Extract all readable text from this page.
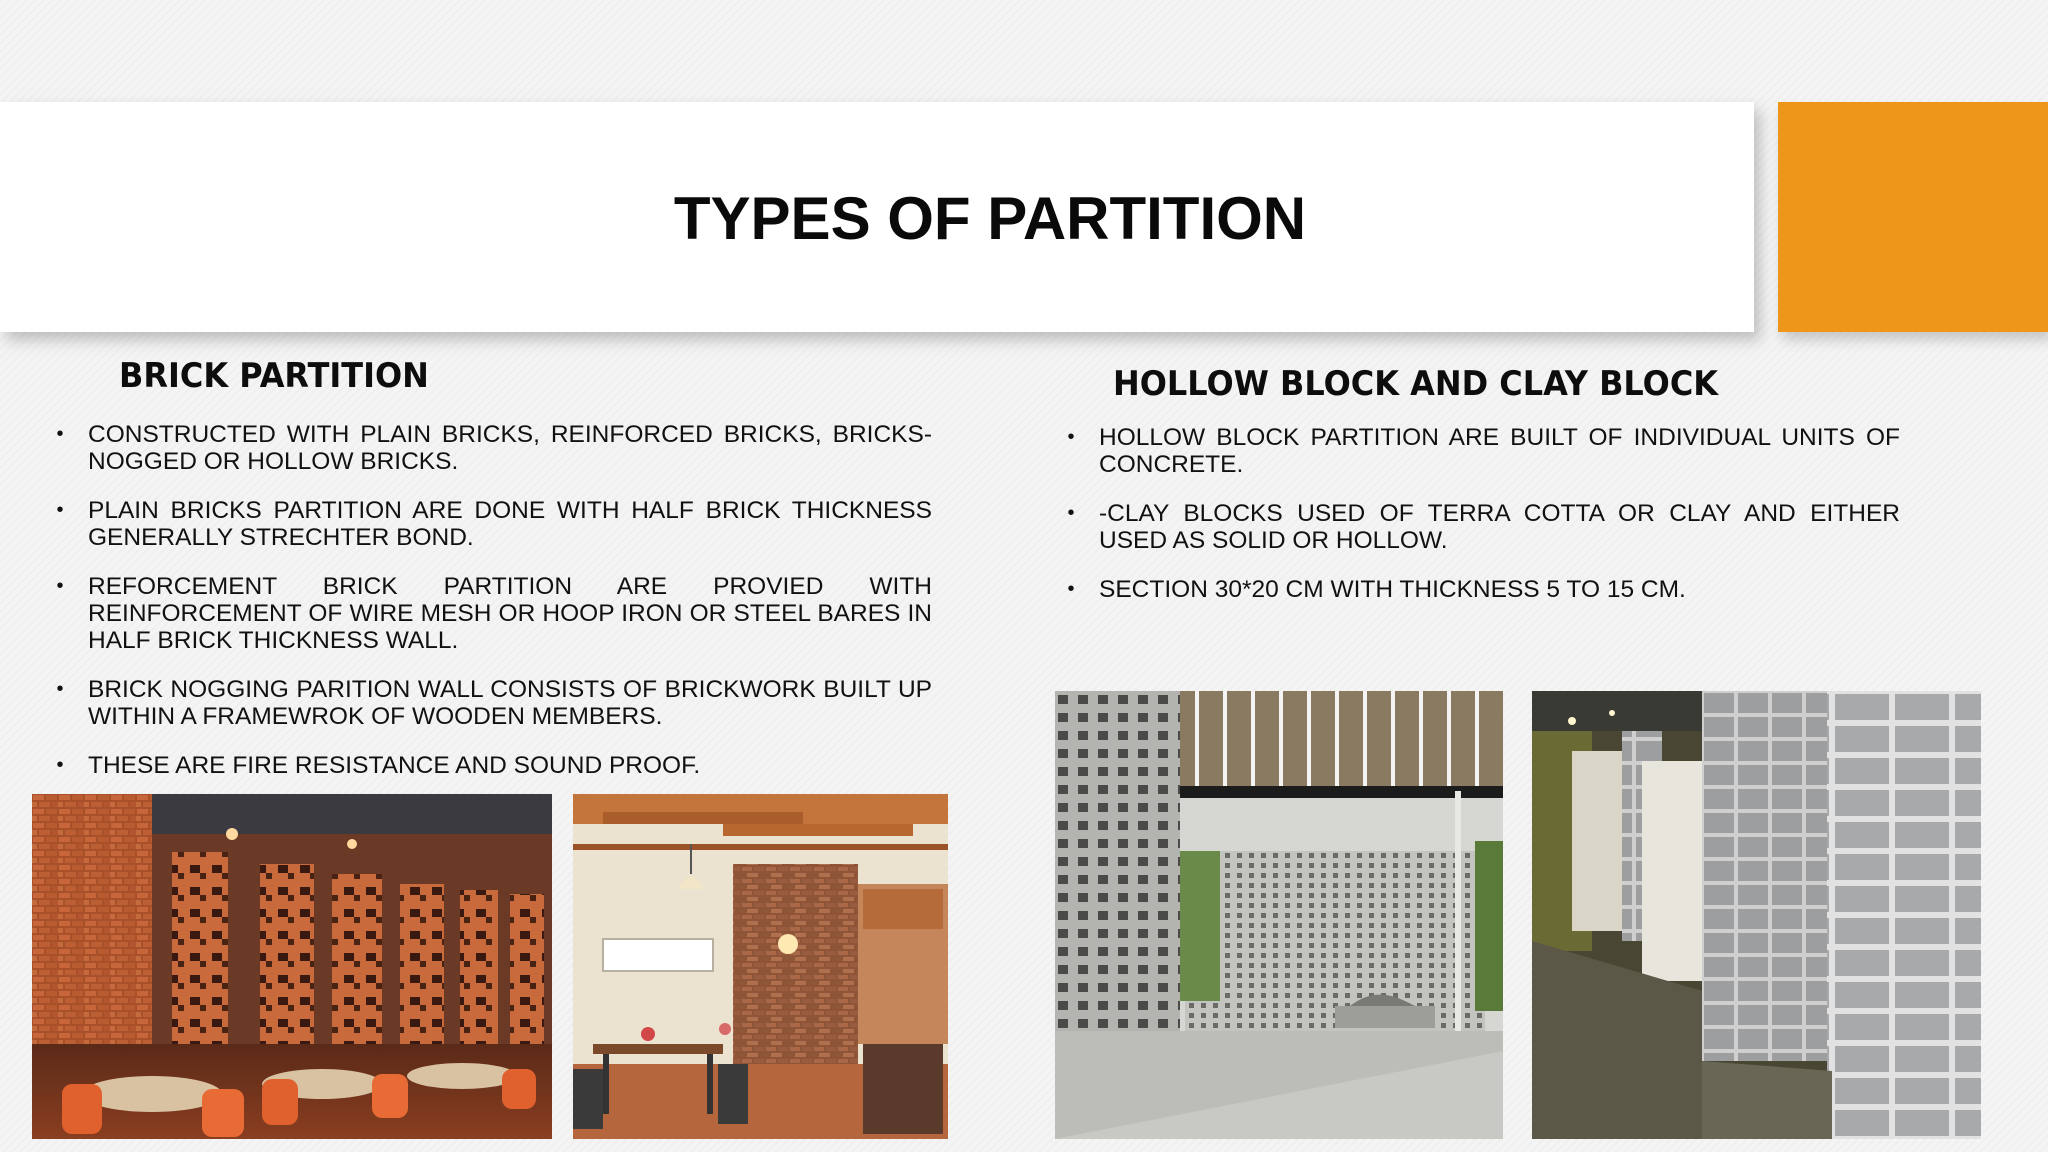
TYPES OF PARTITION
BRICK PARTITION
• CONSTRUCTED WITH PLAIN BRICKS, REINFORCED BRICKS, BRICKS- NOGGED OR HOLLOW BRICKS.
• PLAIN BRICKS PARTITION ARE DONE WITH HALF BRICK THICKNESS GENERALLY STRECHTER BOND.
• REFORCEMENT BRICK PARTITION ARE PROVIED WITH REINFORCEMENT OF WIRE MESH OR HOOP IRON OR STEEL BARES IN HALF BRICK THICKNESS WALL.
• BRICK NOGGING PARITION WALL CONSISTS OF BRICKWORK BUILT UP WITHIN A FRAMEWROK OF WOODEN MEMBERS.
• THESE ARE FIRE RESISTANCE AND SOUND PROOF.
HOLLOW BLOCK AND CLAY BLOCK
• HOLLOW BLOCK PARTITION ARE BUILT OF INDIVIDUAL UNITS OF CONCRETE.
• -CLAY BLOCKS USED OF TERRA COTTA OR CLAY AND EITHER USED AS SOLID OR HOLLOW.
• SECTION 30*20 CM WITH THICKNESS 5 TO 15 CM.
